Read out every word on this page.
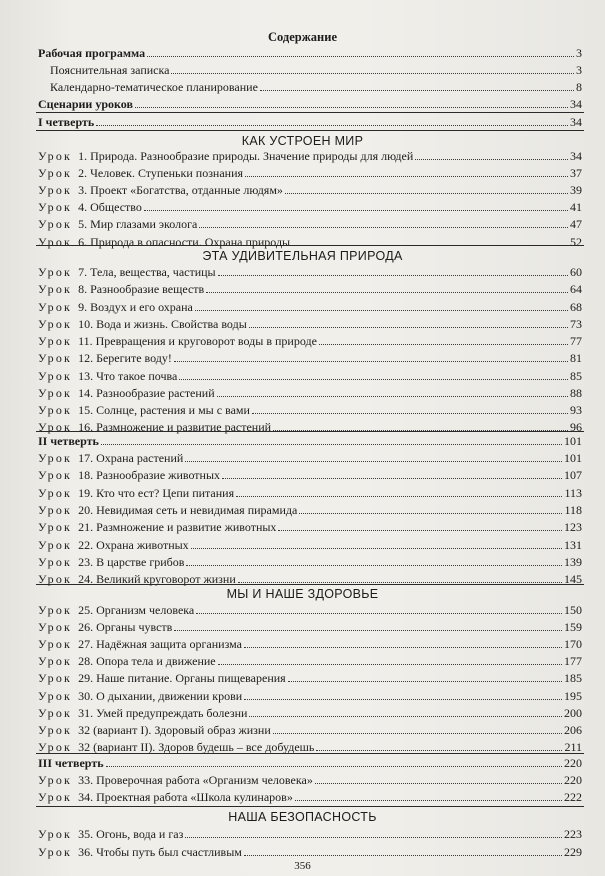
Содержание
Рабочая программа	3
Пояснительная записка	3
Календарно-тематическое планирование	8
Сценарии уроков	34
I четверть	34
КАК УСТРОЕН МИР
Урок 1. Природа. Разнообразие природы. Значение природы для людей	34
Урок 2. Человек. Ступеньки познания	37
Урок 3. Проект «Богатства, отданные людям»	39
Урок 4. Общество	41
Урок 5. Мир глазами эколога	47
Урок 6. Природа в опасности. Охрана природы	52
ЭТА УДИВИТЕЛЬНАЯ ПРИРОДА
Урок 7. Тела, вещества, частицы	60
Урок 8. Разнообразие веществ	64
Урок 9. Воздух и его охрана	68
Урок 10. Вода и жизнь. Свойства воды	73
Урок 11. Превращения и круговорот воды в природе	77
Урок 12. Берегите воду!	81
Урок 13. Что такое почва	85
Урок 14. Разнообразие растений	88
Урок 15. Солнце, растения и мы с вами	93
Урок 16. Размножение и развитие растений	96
II четверть	101
Урок 17. Охрана растений	101
Урок 18. Разнообразие животных	107
Урок 19. Кто что ест? Цепи питания	113
Урок 20. Невидимая сеть и невидимая пирамида	118
Урок 21. Размножение и развитие животных	123
Урок 22. Охрана животных	131
Урок 23. В царстве грибов	139
Урок 24. Великий круговорот жизни	145
МЫ И НАШЕ ЗДОРОВЬЕ
Урок 25. Организм человека	150
Урок 26. Органы чувств	159
Урок 27. Надёжная защита организма	170
Урок 28. Опора тела и движение	177
Урок 29. Наше питание. Органы пищеварения	185
Урок 30. О дыхании, движении крови	195
Урок 31. Умей предупреждать болезни	200
Урок 32 (вариант I). Здоровый образ жизни	206
Урок 32 (вариант II). Здоров будешь – все добудешь	211
III четверть	220
Урок 33. Проверочная работа «Организм человека»	220
Урок 34. Проектная работа «Школа кулинаров»	222
НАША БЕЗОПАСНОСТЬ
Урок 35. Огонь, вода и газ	223
Урок 36. Чтобы путь был счастливым	229
356
